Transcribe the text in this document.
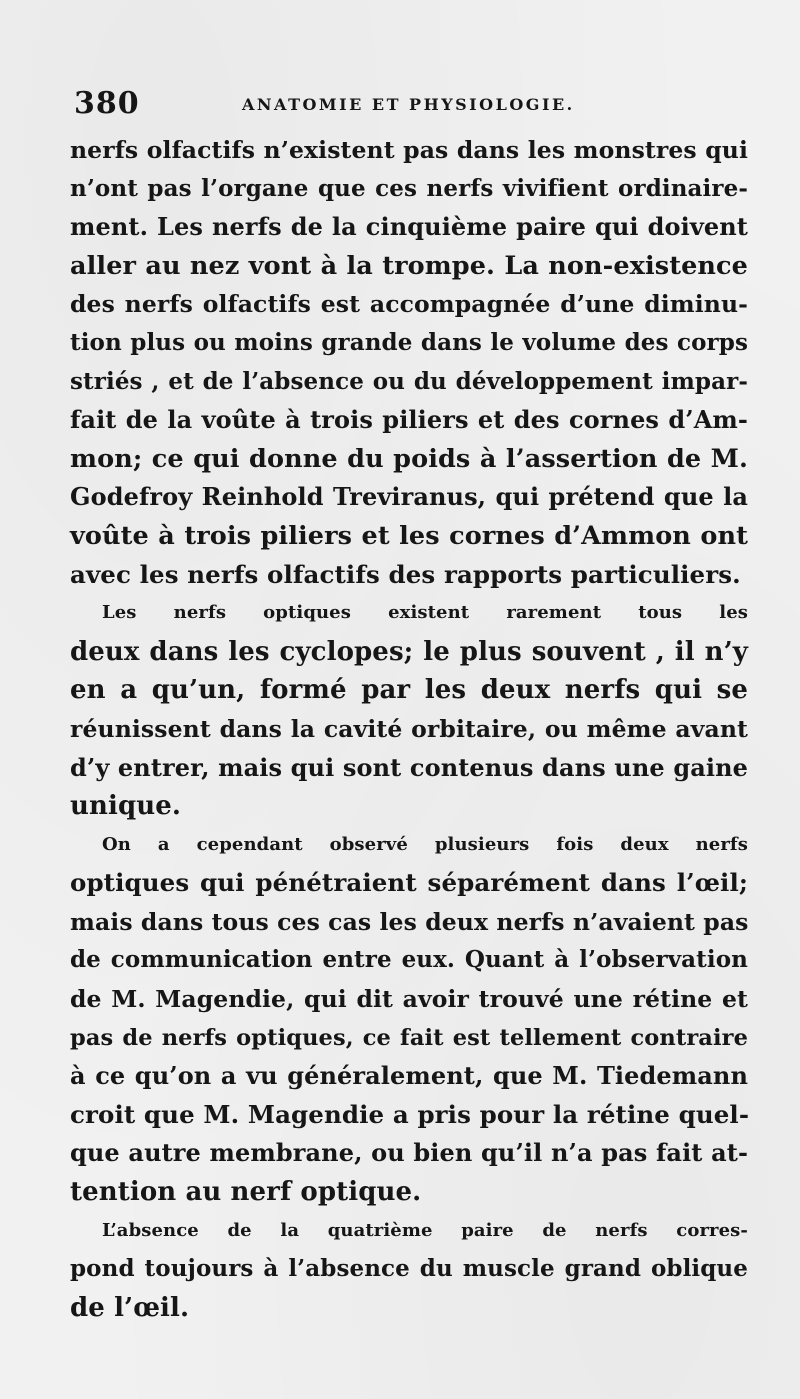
380	ANATOMIE ET PHYSIOLOGIE.

nerfs olfactifs n’existent pas dans les monstres qui
n’ont pas l’organe que ces nerfs vivifient ordinaire-
ment. Les nerfs de la cinquième paire qui doivent
aller au nez vont à la trompe. La non-existence
des nerfs olfactifs est accompagnée d’une diminu-
tion plus ou moins grande dans le volume des corps
striés , et de l’absence ou du développement impar-
fait de la voûte à trois piliers et des cornes d’Am-
mon; ce qui donne du poids à l’assertion de M.
Godefroy Reinhold Treviranus, qui prétend que la
voûte à trois piliers et les cornes d’Ammon ont
avec les nerfs olfactifs des rapports particuliers.

Les nerfs optiques existent rarement tous les
deux dans les cyclopes; le plus souvent , il n’y
en a qu’un, formé par les deux nerfs qui se
réunissent dans la cavité orbitaire, ou même avant
d’y entrer, mais qui sont contenus dans une gaine
unique.

On a cependant observé plusieurs fois deux nerfs
optiques qui pénétraient séparément dans l’œil;
mais dans tous ces cas les deux nerfs n’avaient pas
de communication entre eux. Quant à l’observation
de M. Magendie, qui dit avoir trouvé une rétine et
pas de nerfs optiques, ce fait est tellement contraire
à ce qu’on a vu généralement, que M. Tiedemann
croit que M. Magendie a pris pour la rétine quel-
que autre membrane, ou bien qu’il n’a pas fait at-
tention au nerf optique.

L’absence de la quatrième paire de nerfs corres-
pond toujours à l’absence du muscle grand oblique
de l’œil.
